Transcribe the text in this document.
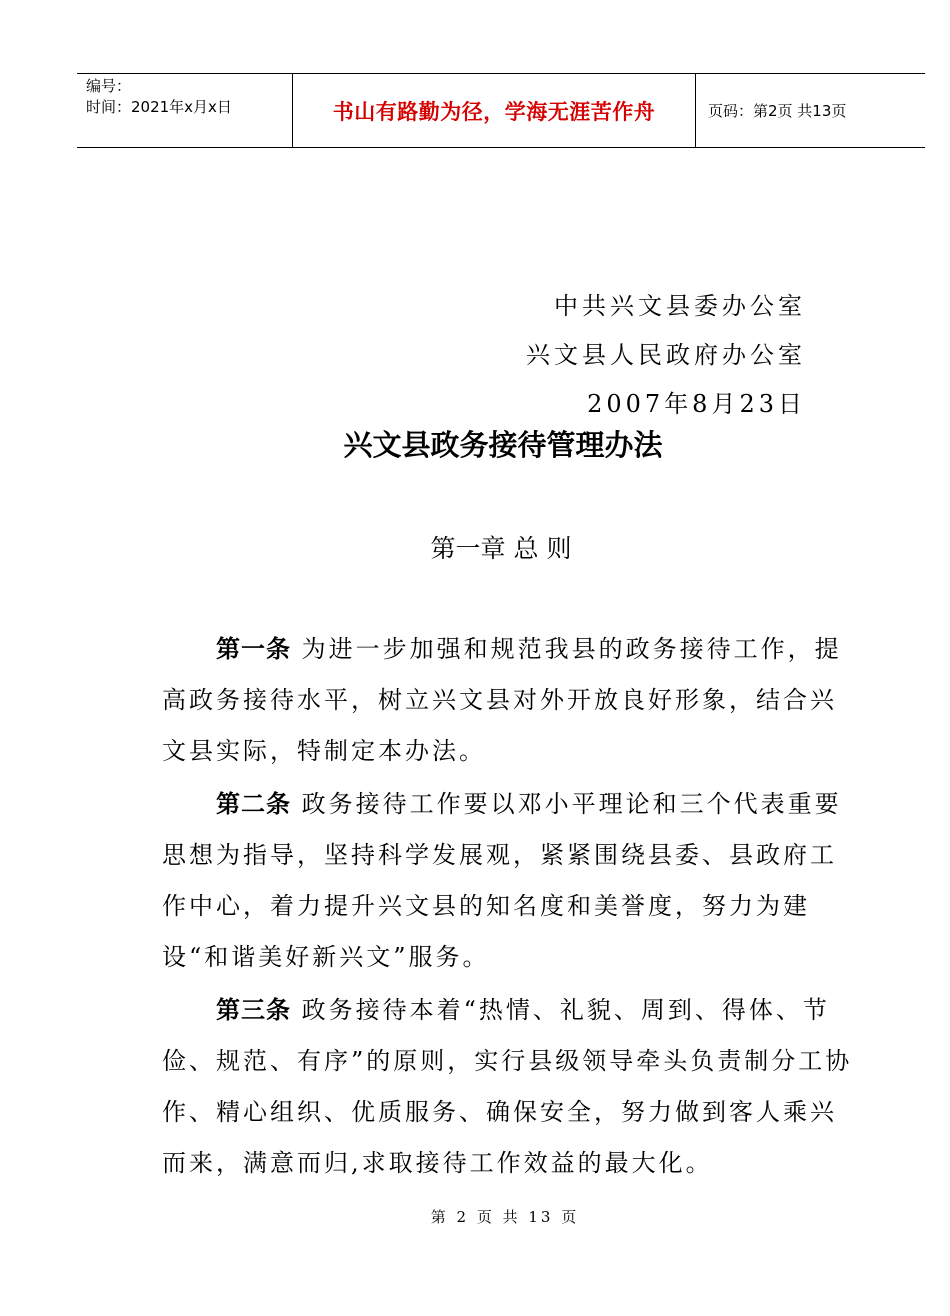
编号：
时间：2021年x月x日	书山有路勤为径，学海无涯苦作舟	页码：第2页 共13页
中共兴文县委办公室
兴文县人民政府办公室
2007年8月23日
兴文县政务接待管理办法
第一章 总 则

第一条 为进一步加强和规范我县的政务接待工作，提高政务接待水平，树立兴文县对外开放良好形象，结合兴文县实际，特制定本办法。

第二条 政务接待工作要以邓小平理论和三个代表重要思想为指导，坚持科学发展观，紧紧围绕县委、县政府工作中心，着力提升兴文县的知名度和美誉度，努力为建设“和谐美好新兴文”服务。

第三条 政务接待本着“热情、礼貌、周到、得体、节俭、规范、有序”的原则，实行县级领导牵头负责制分工协作、精心组织、优质服务、确保安全，努力做到客人乘兴而来，满意而归,求取接待工作效益的最大化。

第 2 页 共 13 页
